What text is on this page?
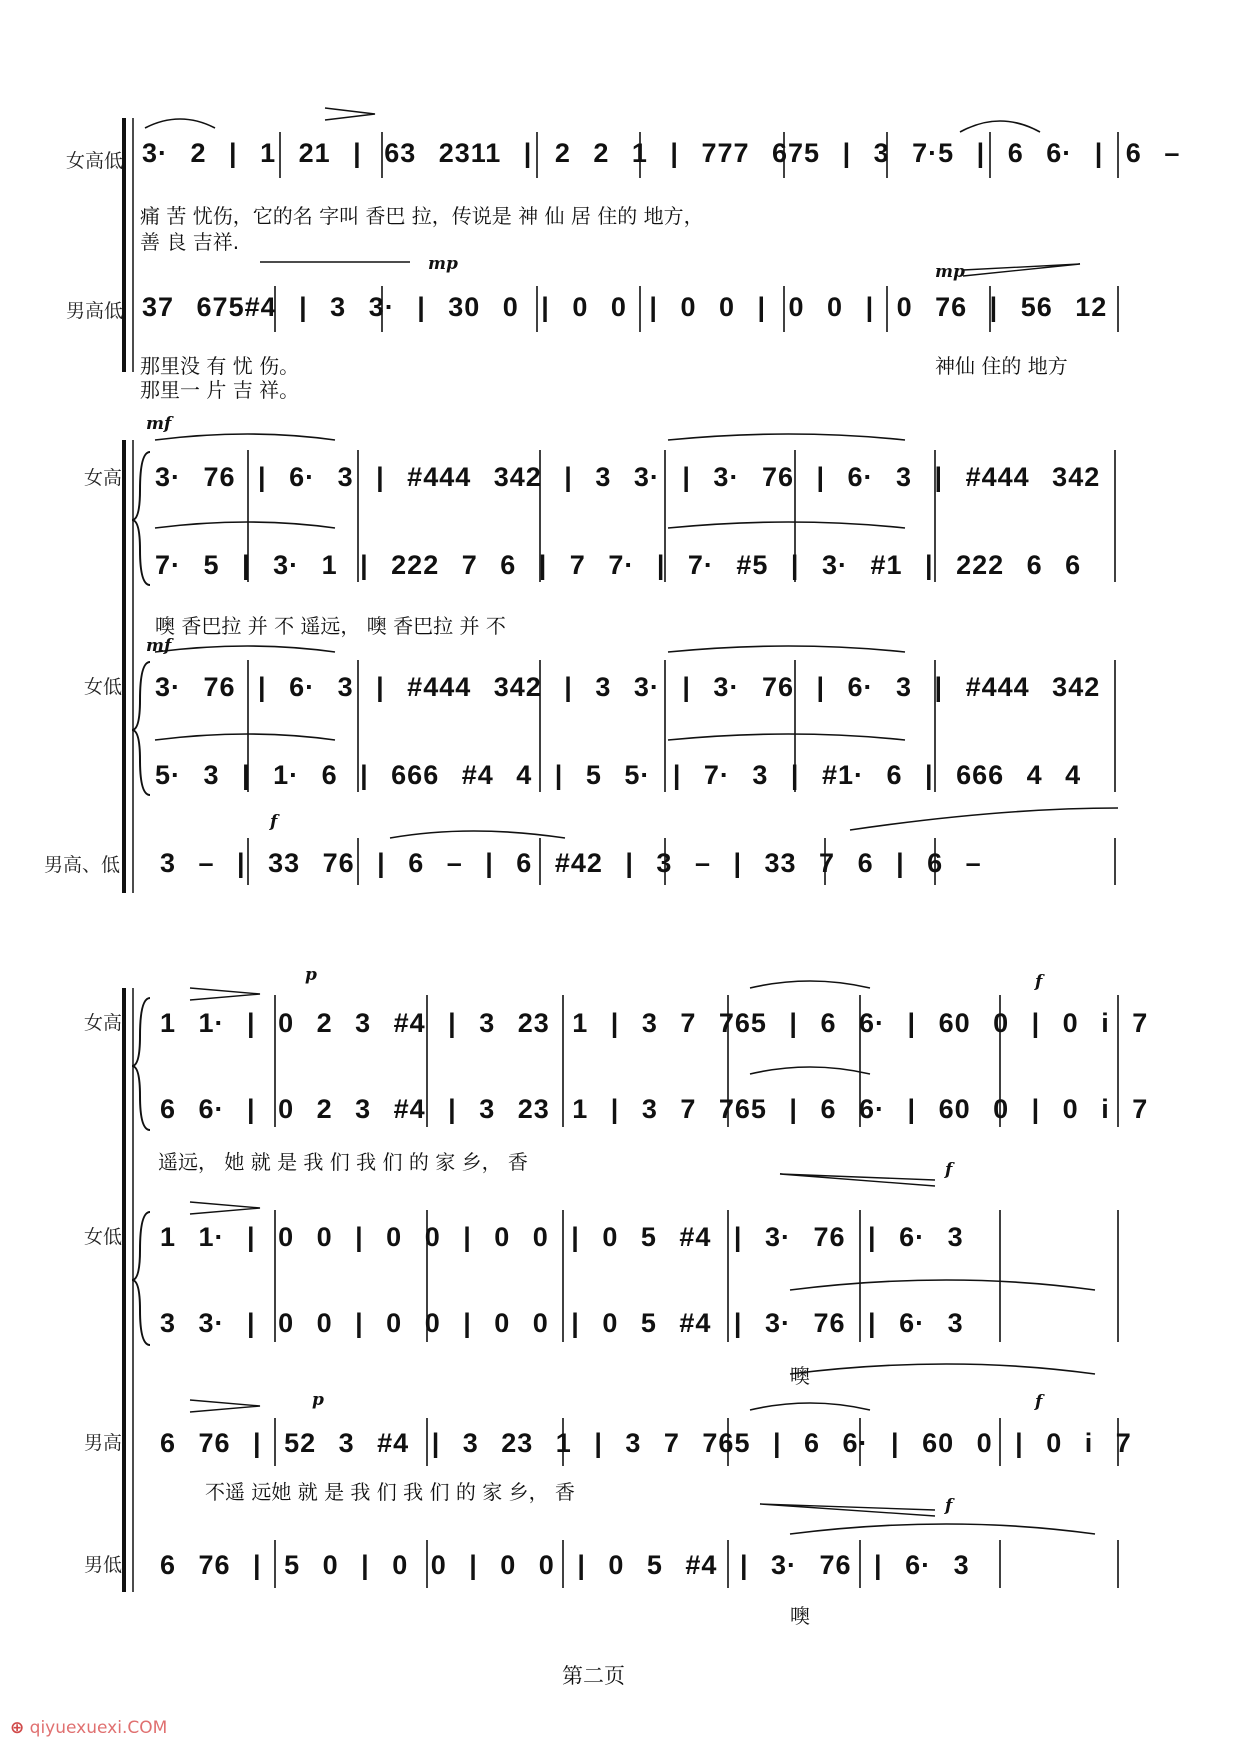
女高低
男高低
女高
女低
男高、低
女高
女低
男高
男低
3· 2 | 1 21 | 63 2311 | 2 2 1 | 777 675 | 3 7·5 | 6 6· | 6 –
痛 苦 忧伤，它的名 字叫 香巴 拉，传说是 神 仙 居 住的 地方，
善 良 吉祥.
37 675#4 | 3 3· | 30 0 | 0 0 | 0 0 | 0 0 | 0 76 | 56 12
那里没 有 忧 伤。
那里一 片 吉 祥。
神仙 住的 地方
mp	mp
mf
3· 76 | 6· 3 | #444 342 | 3 3· | 3· 76 | 6· 3 | #444 342
7· 5 | 3· 1 | 222 7 6 | 7 7· | 7· #5 | 3· #1 | 222 6 6
噢 香巴拉 并 不 遥远， 噢 香巴拉 并 不
mf
3· 76 | 6· 3 | #444 342 | 3 3· | 3· 76 | 6· 3 | #444 342
5· 3 | 1· 6 | 666 #4 4 | 5 5· | 7· 3 | #1· 6 | 666 4 4
f
3 – | 33 76 | 6 – | 6 #42 | 3 – | 33 7 6 | 6 –
p	f
1 1· | 0 2 3 #4 | 3 23 1 | 3 7 765 | 6 6· | 60 0 | 0 i 7
6 6· | 0 2 3 #4 | 3 23 1 | 3 7 765 | 6 6· | 60 0 | 0 i 7
遥远， 她 就 是 我 们 我 们 的 家 乡， 香	f
1 1· | 0 0 | 0 0 | 0 0 | 0 5 #4 | 3· 76 | 6· 3
3 3· | 0 0 | 0 0 | 0 0 | 0 5 #4 | 3· 76 | 6· 3
噢
p	f
6 76 | 52 3 #4 | 3 23 1 | 3 7 765 | 6 6· | 60 0 | 0 i 7
不遥 远她 就 是 我 们 我 们 的 家 乡， 香
f
6 76 | 5 0 | 0 0 | 0 0 | 0 5 #4 | 3· 76 | 6· 3
噢
第二页
⊕ qiyuexuexi.COM
